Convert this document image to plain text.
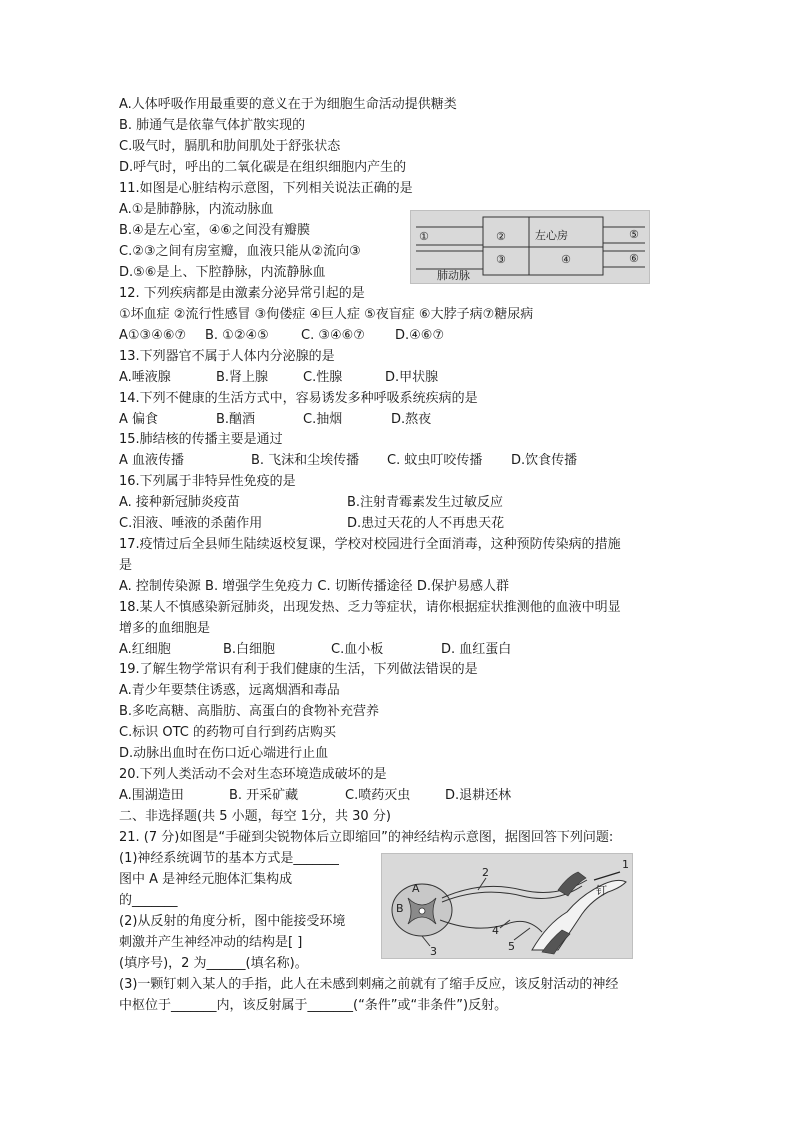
A.人体呼吸作用最重要的意义在于为细胞生命活动提供糖类
B. 肺通气是依靠气体扩散实现的
C.吸气时，膈肌和肋间肌处于舒张状态
D.呼气时，呼出的二氧化碳是在组织细胞内产生的
11.如图是心脏结构示意图，下列相关说法正确的是
A.①是肺静脉，内流动脉血
B.④是左心室，④⑥之间没有瓣膜
C.②③之间有房室瓣，血液只能从②流向③
D.⑤⑥是上、下腔静脉，内流静脉血
①	②
③	④
⑤
⑥
左心房
肺动脉
12. 下列疾病都是由激素分泌异常引起的是
①坏血症 ②流行性感冒 ③佝偻症 ④巨人症 ⑤夜盲症 ⑥大脖子病⑦糖尿病
A①③④⑥⑦ B. ①②④⑤ C. ③④⑥⑦ D.④⑥⑦
13.下列器官不属于人体内分泌腺的是
A.唾液腺	B.肾上腺	C.性腺	D.甲状腺
14.下列不健康的生活方式中，容易诱发多种呼吸系统疾病的是
A 偏食	B.酗酒	C.抽烟	D.熬夜
15.肺结核的传播主要是通过
A 血液传播	B. 飞沫和尘埃传播 C. 蚊虫叮咬传播 D.饮食传播
16.下列属于非特异性免疫的是
A. 接种新冠肺炎疫苗	B.注射青霉素发生过敏反应
C.泪液、唾液的杀菌作用	D.患过天花的人不再患天花
17.疫情过后全县师生陆续返校复课，学校对校园进行全面消毒，这种预防传染病的措施
是
A. 控制传染源 B. 增强学生免疫力 C. 切断传播途径 D.保护易感人群
18.某人不慎感染新冠肺炎，出现发热、乏力等症状，请你根据症状推测他的血液中明显
增多的血细胞是
A.红细胞	B.白细胞	C.血小板	D. 血红蛋白
19.了解生物学常识有利于我们健康的生活，下列做法错误的是
A.青少年要禁住诱惑，远离烟酒和毒品
B.多吃高糖、高脂肪、高蛋白的食物补充营养
C.标识 OTC 的药物可自行到药店购买
D.动脉出血时在伤口近心端进行止血
20.下列人类活动不会对生态环境造成破坏的是
A.围湖造田	B. 开采矿藏	C.喷药灭虫	D.退耕还林
二、非选择题(共 5 小题，每空 1分，共 30 分)
21. (7 分)如图是“手碰到尖锐物体后立即缩回”的神经结构示意图，据图回答下列问题:
(1)神经系统调节的基本方式是_______
图中 A 是神经元胞体汇集构成
的_______
(2)从反射的角度分析，图中能接受环境
刺激并产生神经冲动的结构是[ ]
(填序号)，2 为______(填名称)。
(3)一颗钉刺入某人的手指，此人在未感到刺痛之前就有了缩手反应，该反射活动的神经
中枢位于_______内，该反射属于_______(“条件”或“非条件”)反射。
1
2
3
4
5
A
B
钉
